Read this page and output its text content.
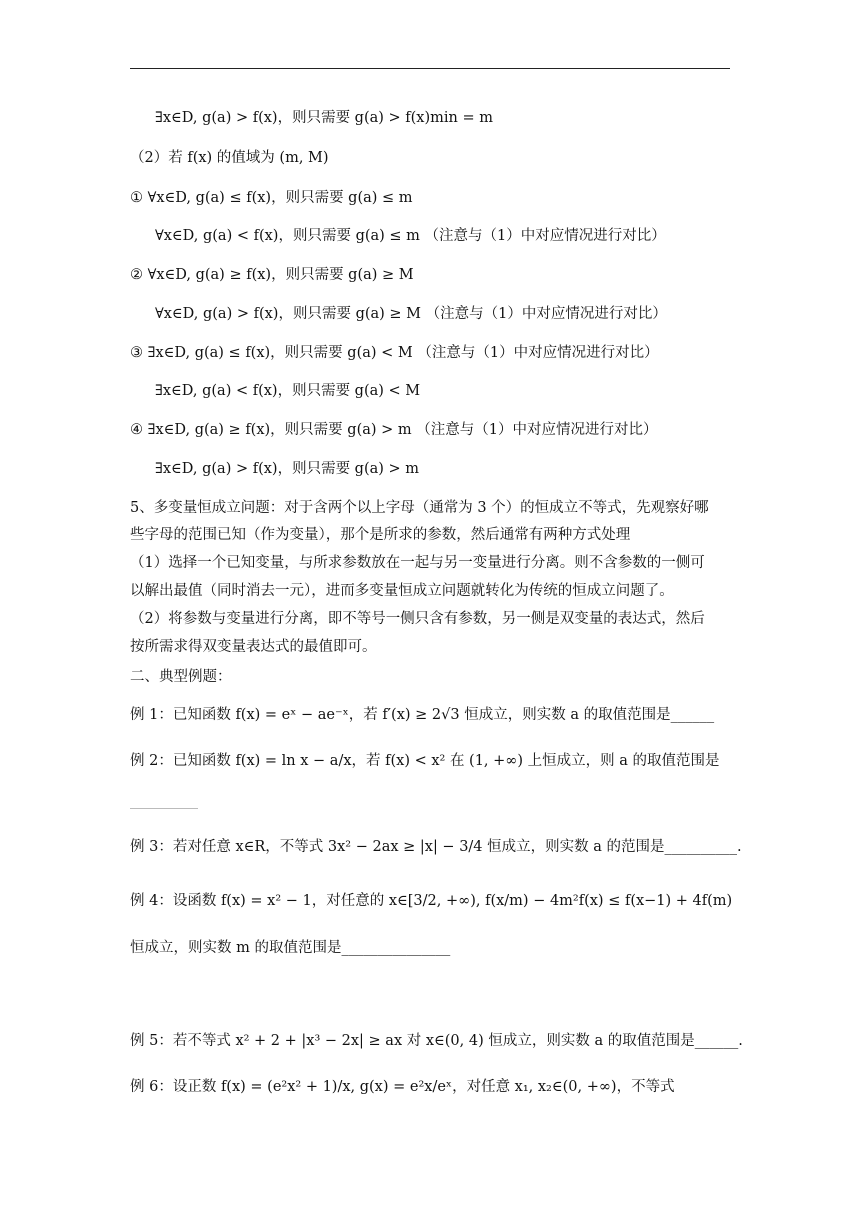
∃x∈D, g(a) > f(x)，则只需要 g(a) > f(x)min = m
（2）若 f(x) 的值域为 (m, M)
① ∀x∈D, g(a) ≤ f(x)，则只需要 g(a) ≤ m
∀x∈D, g(a) < f(x)，则只需要 g(a) ≤ m （注意与（1）中对应情况进行对比）
② ∀x∈D, g(a) ≥ f(x)，则只需要 g(a) ≥ M
∀x∈D, g(a) > f(x)，则只需要 g(a) ≥ M （注意与（1）中对应情况进行对比）
③ ∃x∈D, g(a) ≤ f(x)，则只需要 g(a) < M （注意与（1）中对应情况进行对比）
∃x∈D, g(a) < f(x)，则只需要 g(a) < M
④ ∃x∈D, g(a) ≥ f(x)，则只需要 g(a) > m （注意与（1）中对应情况进行对比）
∃x∈D, g(a) > f(x)，则只需要 g(a) > m
5、多变量恒成立问题：对于含两个以上字母（通常为 3 个）的恒成立不等式，先观察好哪
些字母的范围已知（作为变量），那个是所求的参数，然后通常有两种方式处理
（1）选择一个已知变量，与所求参数放在一起与另一变量进行分离。则不含参数的一侧可
以解出最值（同时消去一元），进而多变量恒成立问题就转化为传统的恒成立问题了。
（2）将参数与变量进行分离，即不等号一侧只含有参数，另一侧是双变量的表达式，然后
按所需求得双变量表达式的最值即可。
二、典型例题：
例 1：已知函数 f(x) = eˣ − ae⁻ˣ，若 f′(x) ≥ 2√3 恒成立，则实数 a 的取值范围是______
例 2：已知函数 f(x) = ln x − a/x，若 f(x) < x² 在 (1, +∞) 上恒成立，则 a 的取值范围是
例 3：若对任意 x∈R，不等式 3x² − 2ax ≥ |x| − 3/4 恒成立，则实数 a 的范围是__________.
例 4：设函数 f(x) = x² − 1，对任意的 x∈[3/2, +∞), f(x/m) − 4m²f(x) ≤ f(x−1) + 4f(m)
恒成立，则实数 m 的取值范围是_______________
例 5：若不等式 x² + 2 + |x³ − 2x| ≥ ax 对 x∈(0, 4) 恒成立，则实数 a 的取值范围是______.
例 6：设正数 f(x) = (e²x² + 1)/x, g(x) = e²x/eˣ，对任意 x₁, x₂∈(0, +∞)，不等式
